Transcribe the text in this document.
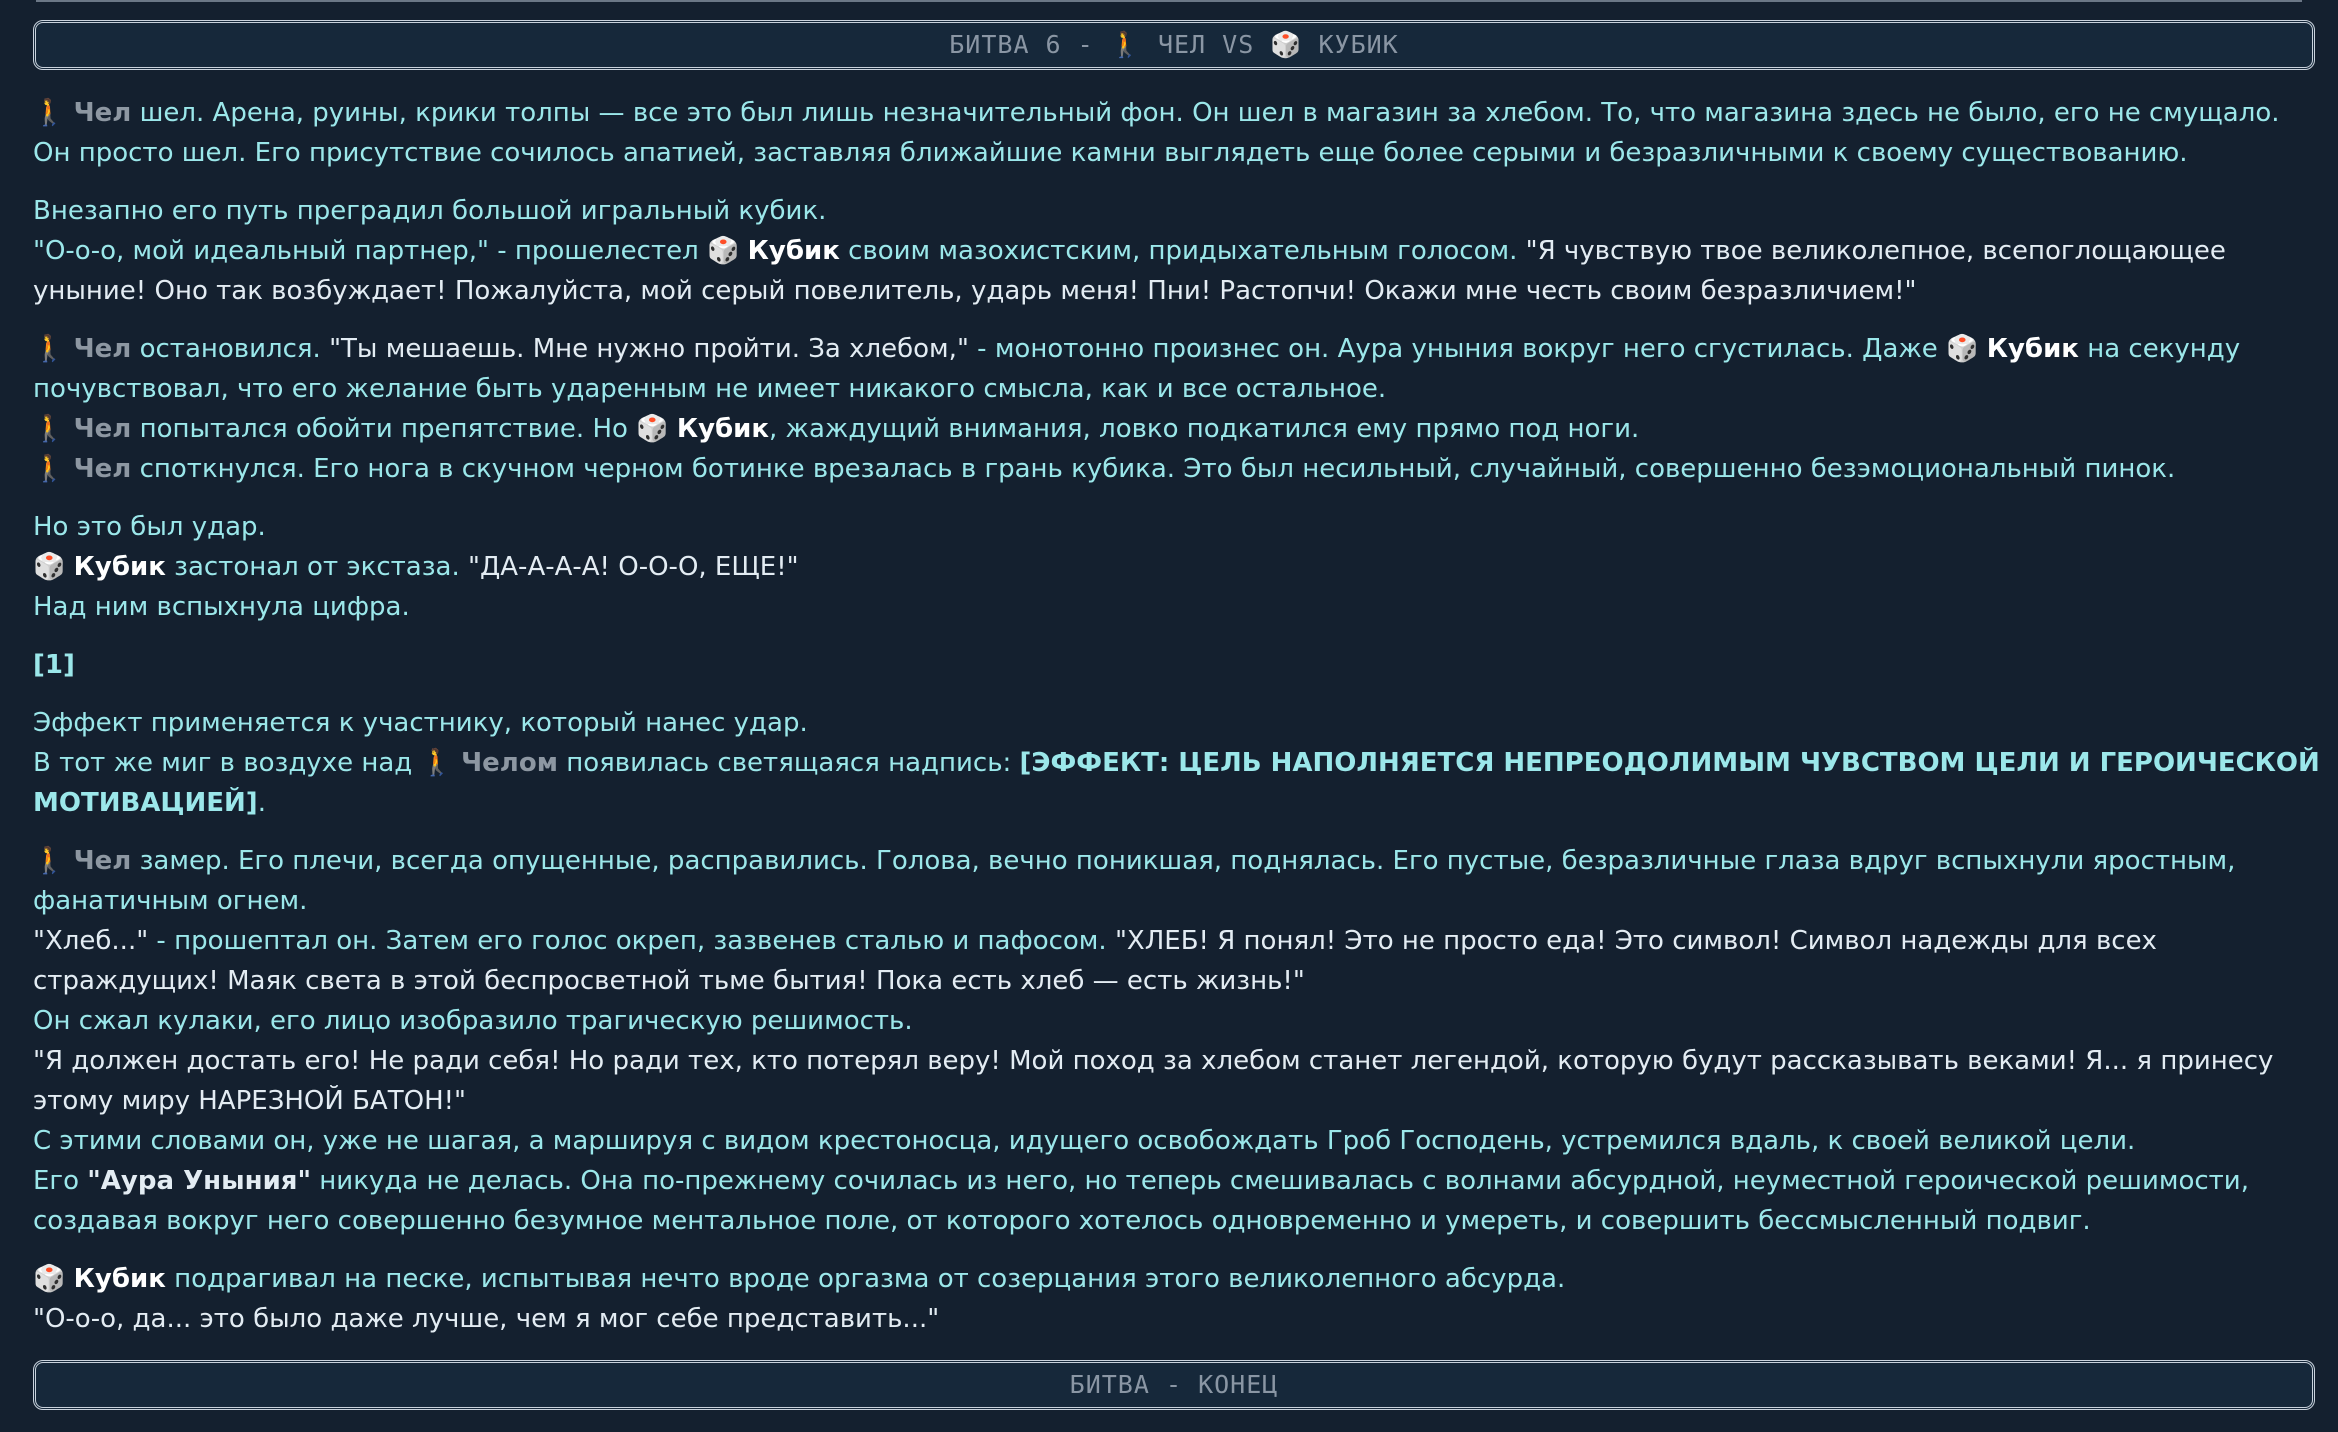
БИТВА 6 - 🚶 ЧЕЛ VS 🎲 КУБИК
🚶 Чел шел. Арена, руины, крики толпы — все это был лишь незначительный фон. Он шел в магазин за хлебом. То, что магазина здесь не было, его не смущало. Он просто шел. Его присутствие сочилось апатией, заставляя ближайшие камни выглядеть еще более серыми и безразличными к своему существованию.
Внезапно его путь преградил большой игральный кубик.
"О-о-о, мой идеальный партнер," - прошелестел 🎲 Кубик своим мазохистским, придыхательным голосом. "Я чувствую твое великолепное, всепоглощающее уныние! Оно так возбуждает! Пожалуйста, мой серый повелитель, ударь меня! Пни! Растопчи! Окажи мне честь своим безразличием!"
🚶 Чел остановился. "Ты мешаешь. Мне нужно пройти. За хлебом," - монотонно произнес он. Аура уныния вокруг него сгустилась. Даже 🎲 Кубик на секунду почувствовал, что его желание быть ударенным не имеет никакого смысла, как и все остальное.
🚶 Чел попытался обойти препятствие. Но 🎲 Кубик, жаждущий внимания, ловко подкатился ему прямо под ноги.
🚶 Чел споткнулся. Его нога в скучном черном ботинке врезалась в грань кубика. Это был несильный, случайный, совершенно безэмоциональный пинок.
Но это был удар.
🎲 Кубик застонал от экстаза. "ДА-А-А-А! О-О-О, ЕЩЕ!"
Над ним вспыхнула цифра.
[1]
Эффект применяется к участнику, который нанес удар.
В тот же миг в воздухе над 🚶 Челом появилась светящаяся надпись: [ЭФФЕКТ: ЦЕЛЬ НАПОЛНЯЕТСЯ НЕПРЕОДОЛИМЫМ ЧУВСТВОМ ЦЕЛИ И ГЕРОИЧЕСКОЙ МОТИВАЦИЕЙ].
🚶 Чел замер. Его плечи, всегда опущенные, расправились. Голова, вечно поникшая, поднялась. Его пустые, безразличные глаза вдруг вспыхнули яростным, фанатичным огнем.
"Хлеб..." - прошептал он. Затем его голос окреп, зазвенев сталью и пафосом. "ХЛЕБ! Я понял! Это не просто еда! Это символ! Символ надежды для всех страждущих! Маяк света в этой беспросветной тьме бытия! Пока есть хлеб — есть жизнь!"
Он сжал кулаки, его лицо изобразило трагическую решимость.
"Я должен достать его! Не ради себя! Но ради тех, кто потерял веру! Мой поход за хлебом станет легендой, которую будут рассказывать веками! Я... я принесу этому миру НАРЕЗНОЙ БАТОН!"
С этими словами он, уже не шагая, а маршируя с видом крестоносца, идущего освобождать Гроб Господень, устремился вдаль, к своей великой цели.
Его "Аура Уныния" никуда не делась. Она по-прежнему сочилась из него, но теперь смешивалась с волнами абсурдной, неуместной героической решимости, создавая вокруг него совершенно безумное ментальное поле, от которого хотелось одновременно и умереть, и совершить бессмысленный подвиг.
🎲 Кубик подрагивал на песке, испытывая нечто вроде оргазма от созерцания этого великолепного абсурда.
"О-о-о, да... это было даже лучше, чем я мог себе представить..."
БИТВА - КОНЕЦ
